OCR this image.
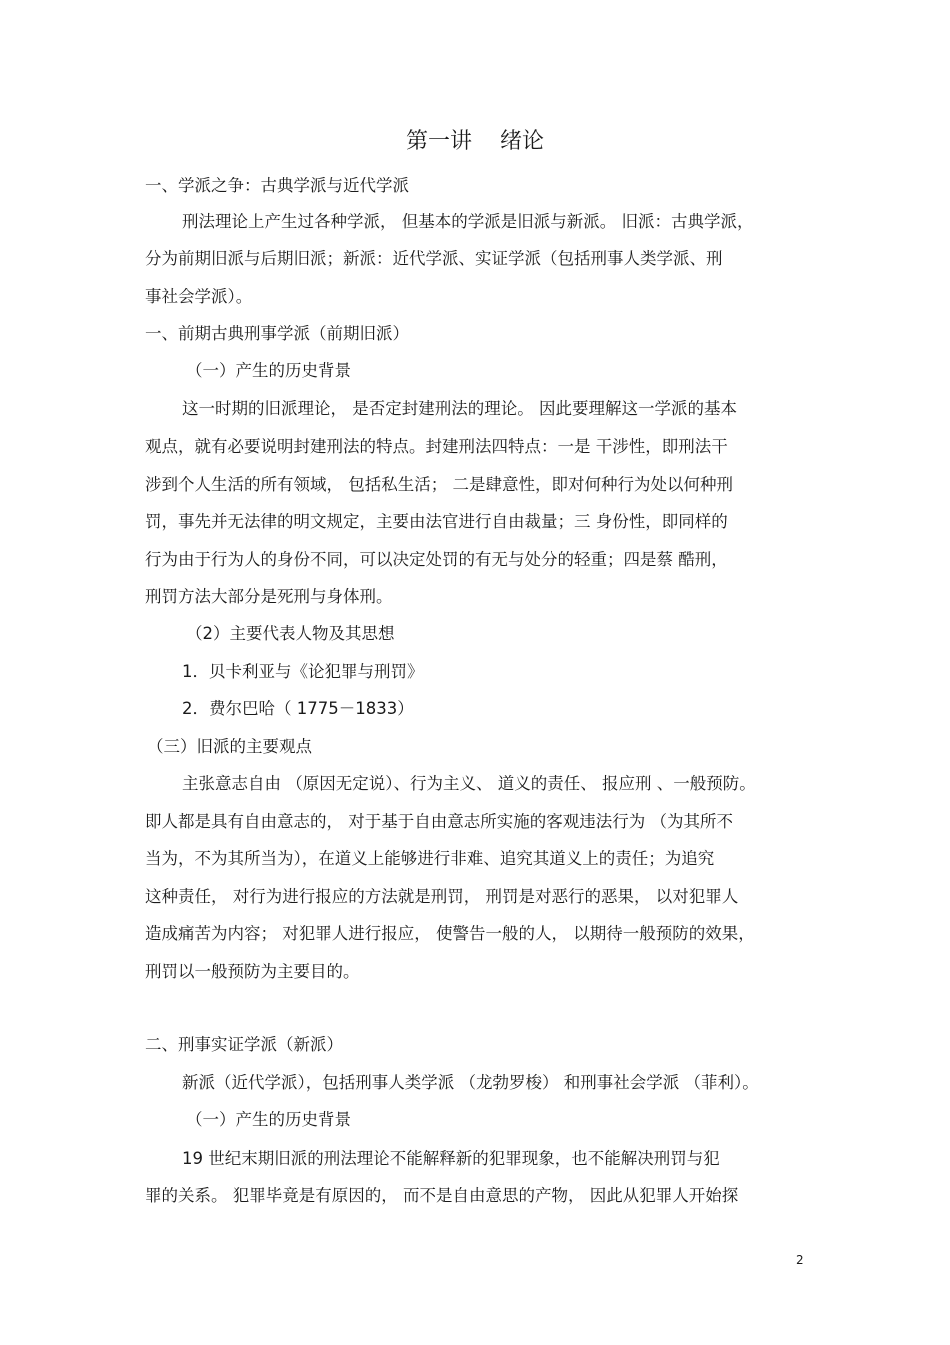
第一讲    绪论
一、学派之争：古典学派与近代学派
刑法理论上产生过各种学派， 但基本的学派是旧派与新派。 旧派：古典学派，
分为前期旧派与后期旧派；新派：近代学派、实证学派（包括刑事人类学派、刑
事社会学派）。
一、前期古典刑事学派（前期旧派）
（一）产生的历史背景
这一时期的旧派理论， 是否定封建刑法的理论。 因此要理解这一学派的基本
观点，就有必要说明封建刑法的特点。封建刑法四特点：一是 干涉性，即刑法干
涉到个人生活的所有领域， 包括私生活； 二是肆意性，即对何种行为处以何种刑
罚，事先并无法律的明文规定，主要由法官进行自由裁量；三 身份性，即同样的
行为由于行为人的身份不同，可以决定处罚的有无与处分的轻重；四是蔡 酷刑，
刑罚方法大部分是死刑与身体刑。
（2）主要代表人物及其思想
1．贝卡利亚与《论犯罪与刑罚》
2．费尔巴哈（ 1775－1833）
（三）旧派的主要观点
主张意志自由 （原因无定说）、行为主义、 道义的责任、 报应刑 、一般预防。
即人都是具有自由意志的， 对于基于自由意志所实施的客观违法行为 （为其所不
当为，不为其所当为），在道义上能够进行非难、追究其道义上的责任；为追究
这种责任， 对行为进行报应的方法就是刑罚， 刑罚是对恶行的恶果， 以对犯罪人
造成痛苦为内容； 对犯罪人进行报应， 使警告一般的人， 以期待一般预防的效果，
刑罚以一般预防为主要目的。
二、刑事实证学派（新派）
新派（近代学派），包括刑事人类学派 （龙勃罗梭） 和刑事社会学派 （菲利）。
（一）产生的历史背景
19 世纪末期旧派的刑法理论不能解释新的犯罪现象，也不能解决刑罚与犯
罪的关系。 犯罪毕竟是有原因的， 而不是自由意思的产物， 因此从犯罪人开始探
2
